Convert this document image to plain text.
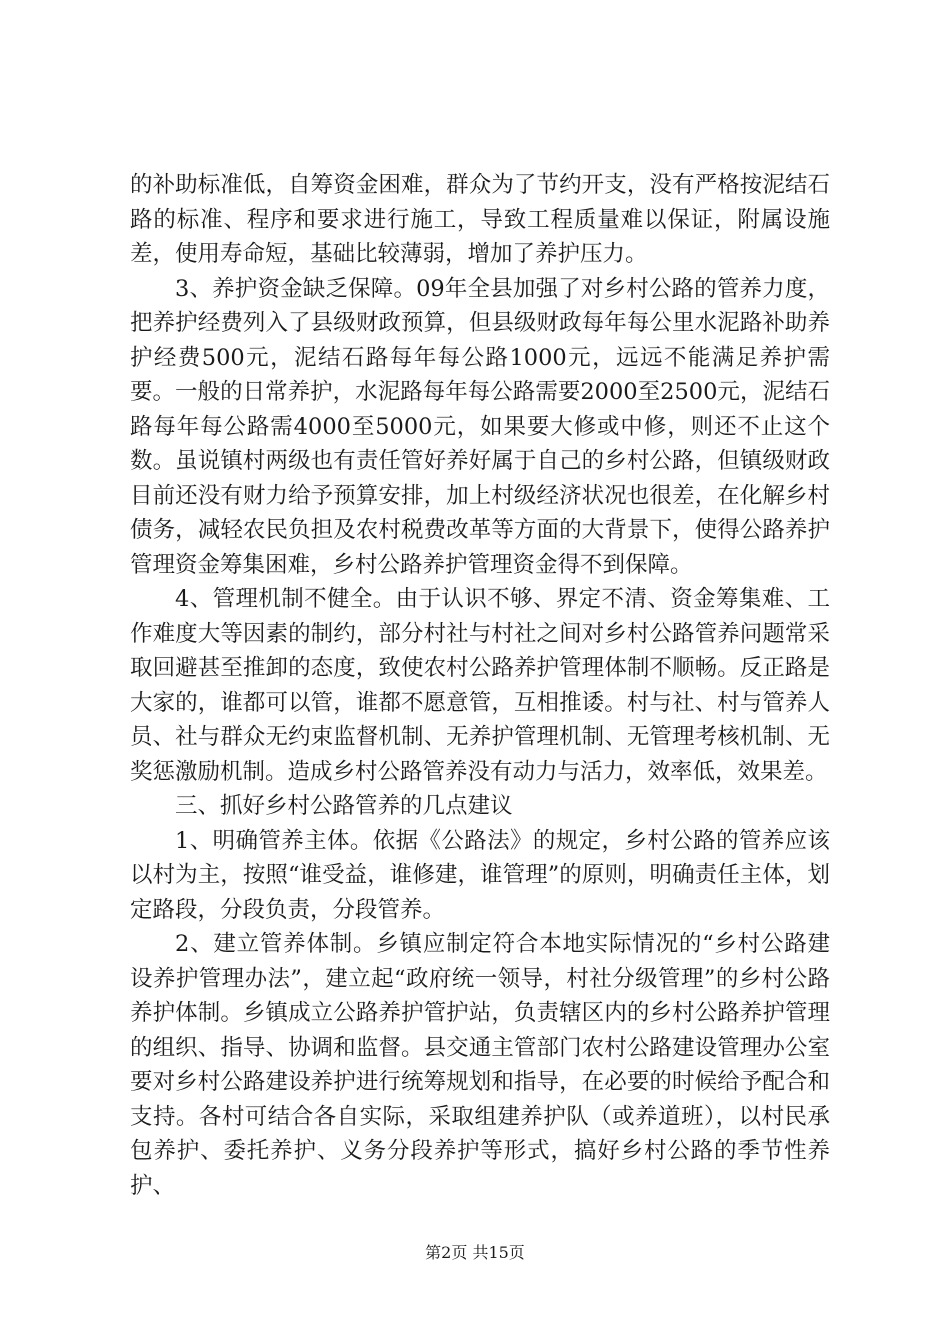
的补助标准低，自筹资金困难，群众为了节约开支，没有严格按泥结石路的标准、程序和要求进行施工，导致工程质量难以保证，附属设施差，使用寿命短，基础比较薄弱，增加了养护压力。

3、养护资金缺乏保障。09年全县加强了对乡村公路的管养力度，把养护经费列入了县级财政预算，但县级财政每年每公里水泥路补助养护经费500元，泥结石路每年每公路1000元，远远不能满足养护需要。一般的日常养护，水泥路每年每公路需要2000至2500元，泥结石路每年每公路需4000至5000元，如果要大修或中修，则还不止这个数。虽说镇村两级也有责任管好养好属于自己的乡村公路，但镇级财政目前还没有财力给予预算安排，加上村级经济状况也很差，在化解乡村债务，减轻农民负担及农村税费改革等方面的大背景下，使得公路养护管理资金筹集困难，乡村公路养护管理资金得不到保障。

4、管理机制不健全。由于认识不够、界定不清、资金筹集难、工作难度大等因素的制约，部分村社与村社之间对乡村公路管养问题常采取回避甚至推卸的态度，致使农村公路养护管理体制不顺畅。反正路是大家的，谁都可以管，谁都不愿意管，互相推诿。村与社、村与管养人员、社与群众无约束监督机制、无养护管理机制、无管理考核机制、无奖惩激励机制。造成乡村公路管养没有动力与活力，效率低，效果差。

三、抓好乡村公路管养的几点建议

1、明确管养主体。依据《公路法》的规定，乡村公路的管养应该以村为主，按照“谁受益，谁修建，谁管理”的原则，明确责任主体，划定路段，分段负责，分段管养。

2、建立管养体制。乡镇应制定符合本地实际情况的“乡村公路建设养护管理办法”，建立起“政府统一领导，村社分级管理”的乡村公路养护体制。乡镇成立公路养护管护站，负责辖区内的乡村公路养护管理的组织、指导、协调和监督。县交通主管部门农村公路建设管理办公室要对乡村公路建设养护进行统筹规划和指导，在必要的时候给予配合和支持。各村可结合各自实际，采取组建养护队（或养道班），以村民承包养护、委托养护、义务分段养护等形式，搞好乡村公路的季节性养护、

第2页 共15页
